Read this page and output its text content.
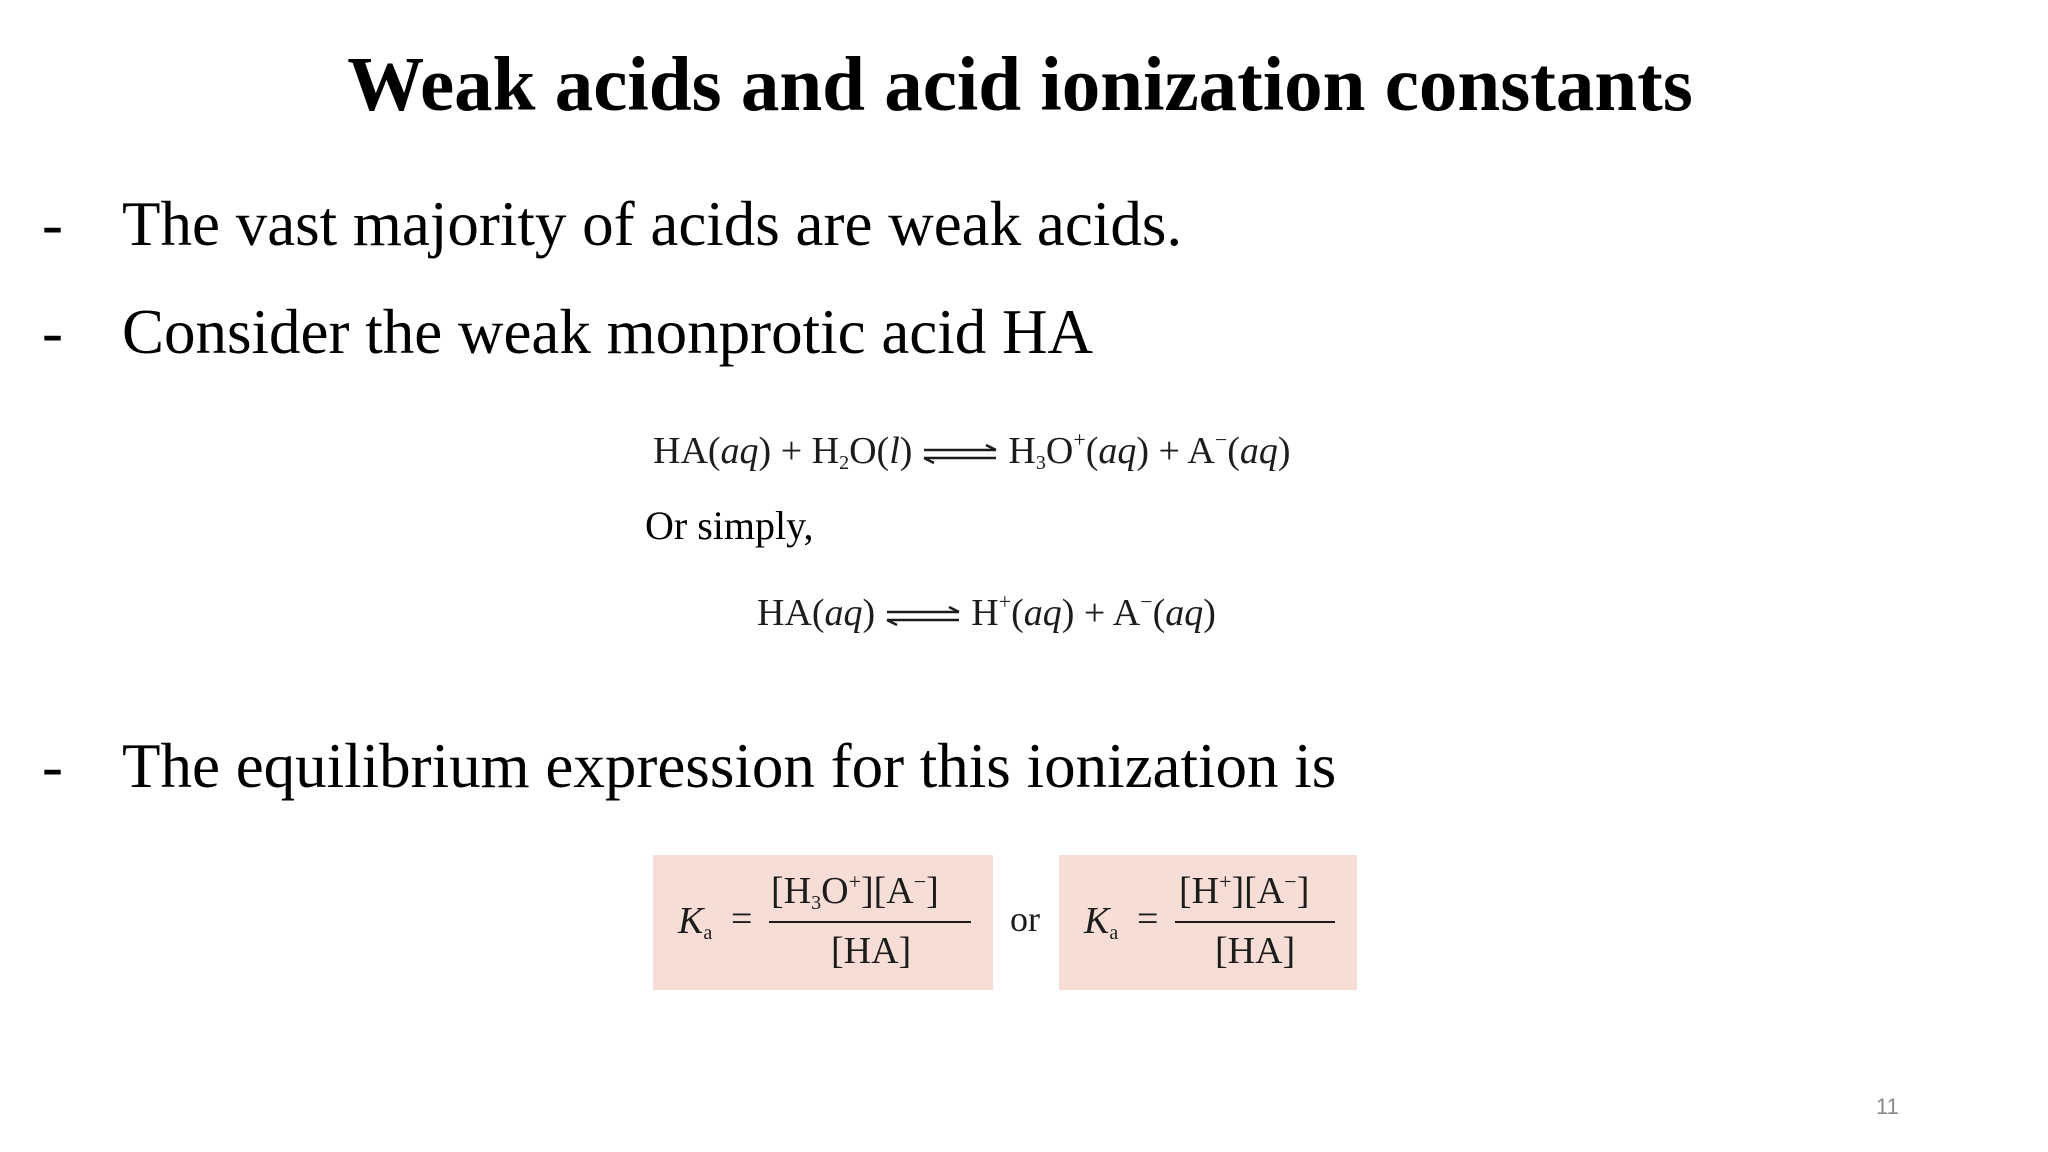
Weak acids and acid ionization constants
- The vast majority of acids are weak acids.
- Consider the weak monprotic acid HA
$HA(aq) + H_2O(l)$ ⇌ $H_3O^+(aq) + A^-(aq)$
Or simply,
HA(aq) ⇌ H+(aq) + A−(aq)
- The equilibrium expression for this ionization is
$K_a$ =
$[H_3O^+][A^-]$
[HA]
or $K_a$ =
[H+][A−]
[HA]
11
